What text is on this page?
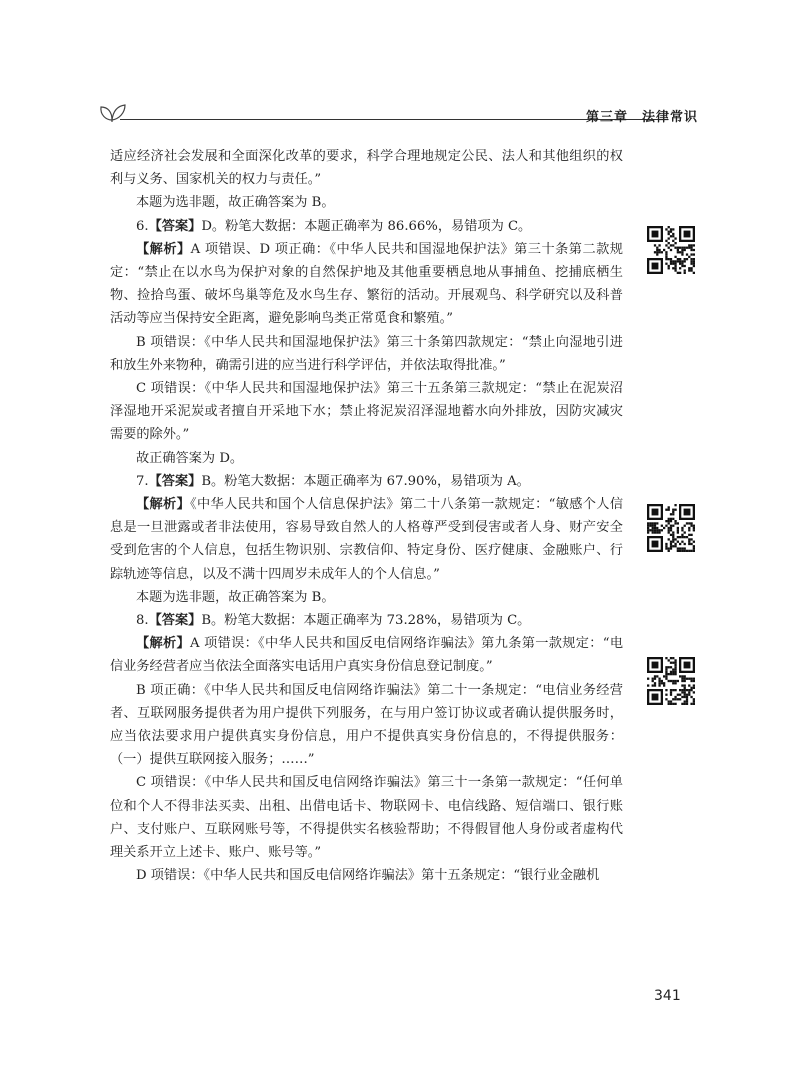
第三章 法律常识

适应经济社会发展和全面深化改革的要求，科学合理地规定公民、法人和其他组织的权利与义务、国家机关的权力与责任。”

本题为选非题，故正确答案为 B。

6.【答案】D。粉笔大数据：本题正确率为 86.66%，易错项为 C。

【解析】A 项错误、D 项正确：《中华人民共和国湿地保护法》第三十条第二款规定：“禁止在以水鸟为保护对象的自然保护地及其他重要栖息地从事捕鱼、挖捕底栖生物、捡拾鸟蛋、破坏鸟巢等危及水鸟生存、繁衍的活动。开展观鸟、科学研究以及科普活动等应当保持安全距离，避免影响鸟类正常觅食和繁殖。”

B 项错误：《中华人民共和国湿地保护法》第三十条第四款规定：“禁止向湿地引进和放生外来物种，确需引进的应当进行科学评估，并依法取得批准。”

C 项错误：《中华人民共和国湿地保护法》第三十五条第三款规定：“禁止在泥炭沼泽湿地开采泥炭或者擅自开采地下水；禁止将泥炭沼泽湿地蓄水向外排放，因防灾减灾需要的除外。”

故正确答案为 D。

7.【答案】B。粉笔大数据：本题正确率为 67.90%，易错项为 A。

【解析】《中华人民共和国个人信息保护法》第二十八条第一款规定：“敏感个人信息是一旦泄露或者非法使用，容易导致自然人的人格尊严受到侵害或者人身、财产安全受到危害的个人信息，包括生物识别、宗教信仰、特定身份、医疗健康、金融账户、行踪轨迹等信息，以及不满十四周岁未成年人的个人信息。”

本题为选非题，故正确答案为 B。

8.【答案】B。粉笔大数据：本题正确率为 73.28%，易错项为 C。

【解析】A 项错误：《中华人民共和国反电信网络诈骗法》第九条第一款规定：“电信业务经营者应当依法全面落实电话用户真实身份信息登记制度。”

B 项正确：《中华人民共和国反电信网络诈骗法》第二十一条规定：“电信业务经营者、互联网服务提供者为用户提供下列服务，在与用户签订协议或者确认提供服务时，应当依法要求用户提供真实身份信息，用户不提供真实身份信息的，不得提供服务：（一）提供互联网接入服务；……”

C 项错误：《中华人民共和国反电信网络诈骗法》第三十一条第一款规定：“任何单位和个人不得非法买卖、出租、出借电话卡、物联网卡、电信线路、短信端口、银行账户、支付账户、互联网账号等，不得提供实名核验帮助；不得假冒他人身份或者虚构代理关系开立上述卡、账户、账号等。”

D 项错误：《中华人民共和国反电信网络诈骗法》第十五条规定：“银行业金融机

341
